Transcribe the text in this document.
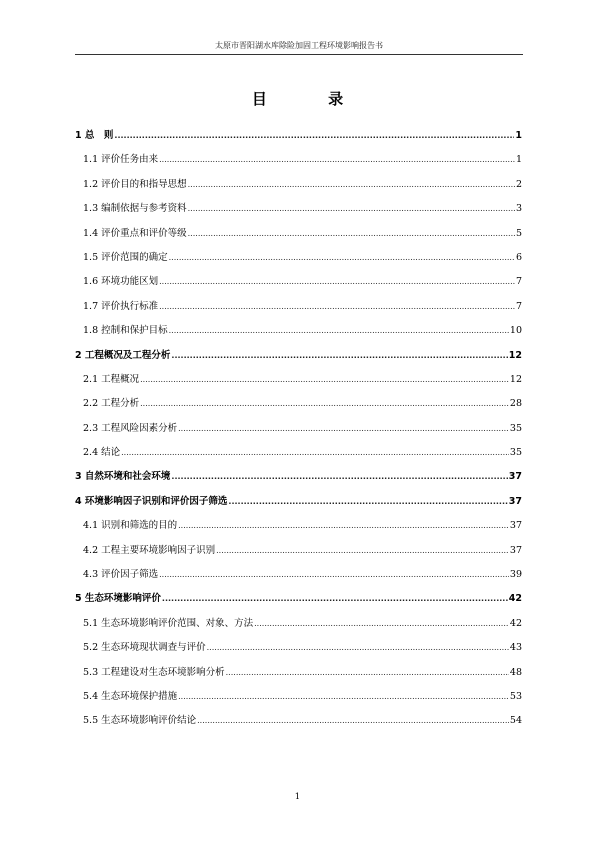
太原市晋阳湖水库除险加固工程环境影响报告书
目 录
1 总　则 .....	1
1.1 评价任务由来 .....	1
1.2 评价目的和指导思想 .....	2
1.3 编制依据与参考资料 .....	3
1.4 评价重点和评价等级 .....	5
1.5 评价范围的确定 .....	6
1.6 环境功能区划 .....	7
1.7 评价执行标准 .....	7
1.8 控制和保护目标 .....	10
2 工程概况及工程分析 .....	12
2.1 工程概况 .....	12
2.2 工程分析 .....	28
2.3 工程风险因素分析 .....	35
2.4 结论 .....	35
3 自然环境和社会环境 .....	37
4 环境影响因子识别和评价因子筛选 .....	37
4.1 识别和筛选的目的 .....	37
4.2 工程主要环境影响因子识别 .....	37
4.3 评价因子筛选 .....	39
5 生态环境影响评价 .....	42
5.1 生态环境影响评价范围、对象、方法 .....	42
5.2 生态环境现状调查与评价 .....	43
5.3 工程建设对生态环境影响分析 .....	48
5.4 生态环境保护措施 .....	53
5.5 生态环境影响评价结论 .....	54
1
